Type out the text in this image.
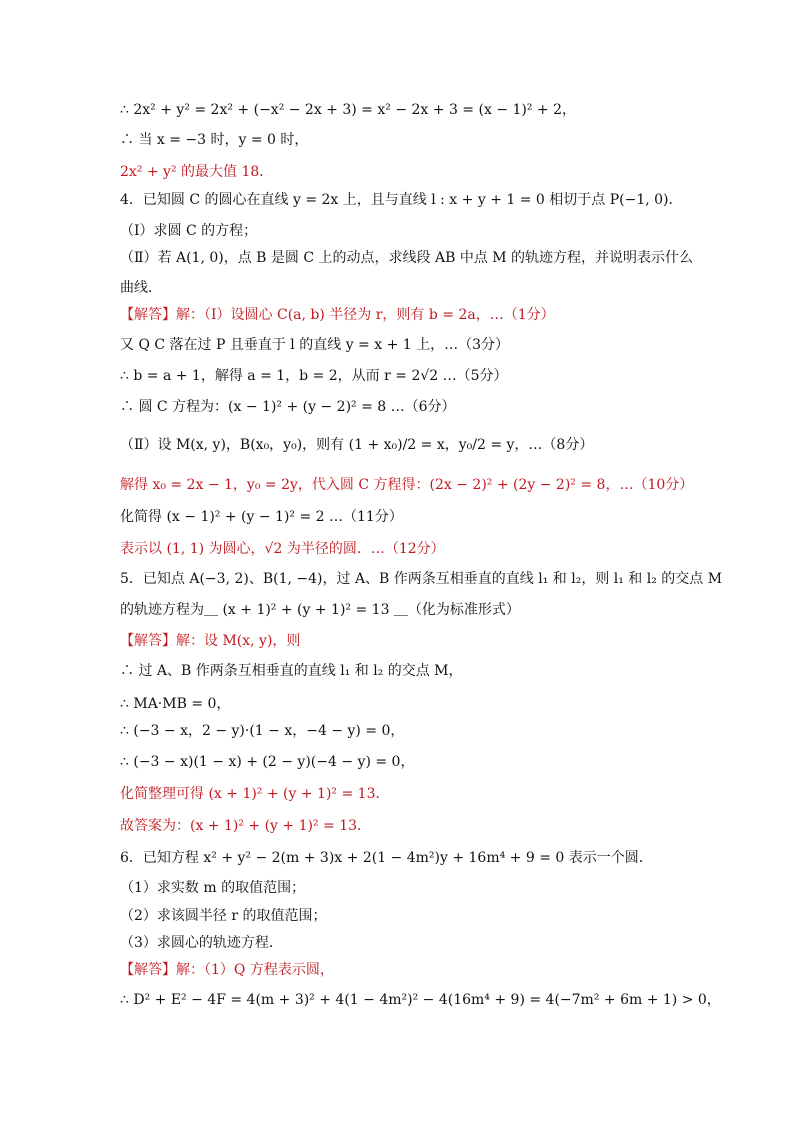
∴ 2x² + y² = 2x² + (−x² − 2x + 3) = x² − 2x + 3 = (x − 1)² + 2，
∴ 当 x = −3 时，y = 0 时，
2x² + y² 的最大值 18．
4．已知圆 C 的圆心在直线 y = 2x 上，且与直线 l : x + y + 1 = 0 相切于点 P(−1, 0)．
（Ⅰ）求圆 C 的方程；
（Ⅱ）若 A(1, 0)，点 B 是圆 C 上的动点，求线段 AB 中点 M 的轨迹方程，并说明表示什么
曲线．
【解答】解：（Ⅰ）设圆心 C(a, b) 半径为 r，则有 b = 2a，…（1分）
又 Q C 落在过 P 且垂直于 l 的直线 y = x + 1 上，…（3分）
∴ b = a + 1，解得 a = 1，b = 2，从而 r = 2√2 …（5分）
∴ 圆 C 方程为：(x − 1)² + (y − 2)² = 8 …（6分）
（Ⅱ）设 M(x, y)，B(x₀，y₀)，则有 (1 + x₀)/2 = x，y₀/2 = y，…（8分）
解得 x₀ = 2x − 1，y₀ = 2y，代入圆 C 方程得：(2x − 2)² + (2y − 2)² = 8，…（10分）
化简得 (x − 1)² + (y − 1)² = 2 …（11分）
表示以 (1, 1) 为圆心，√2 为半径的圆．…（12分）
5．已知点 A(−3, 2)、B(1, −4)，过 A、B 作两条互相垂直的直线 l₁ 和 l₂，则 l₁ 和 l₂ 的交点 M
的轨迹方程为＿ (x + 1)² + (y + 1)² = 13 ＿（化为标准形式）
【解答】解：设 M(x, y)，则
∴ 过 A、B 作两条互相垂直的直线 l₁ 和 l₂ 的交点 M，
∴ MA·MB = 0，
∴ (−3 − x，2 − y)·(1 − x，−4 − y) = 0，
∴ (−3 − x)(1 − x) + (2 − y)(−4 − y) = 0，
化简整理可得 (x + 1)² + (y + 1)² = 13．
故答案为：(x + 1)² + (y + 1)² = 13．
6．已知方程 x² + y² − 2(m + 3)x + 2(1 − 4m²)y + 16m⁴ + 9 = 0 表示一个圆．
（1）求实数 m 的取值范围；
（2）求该圆半径 r 的取值范围；
（3）求圆心的轨迹方程．
【解答】解：（1）Q 方程表示圆，
∴ D² + E² − 4F = 4(m + 3)² + 4(1 − 4m²)² − 4(16m⁴ + 9) = 4(−7m² + 6m + 1) > 0，
